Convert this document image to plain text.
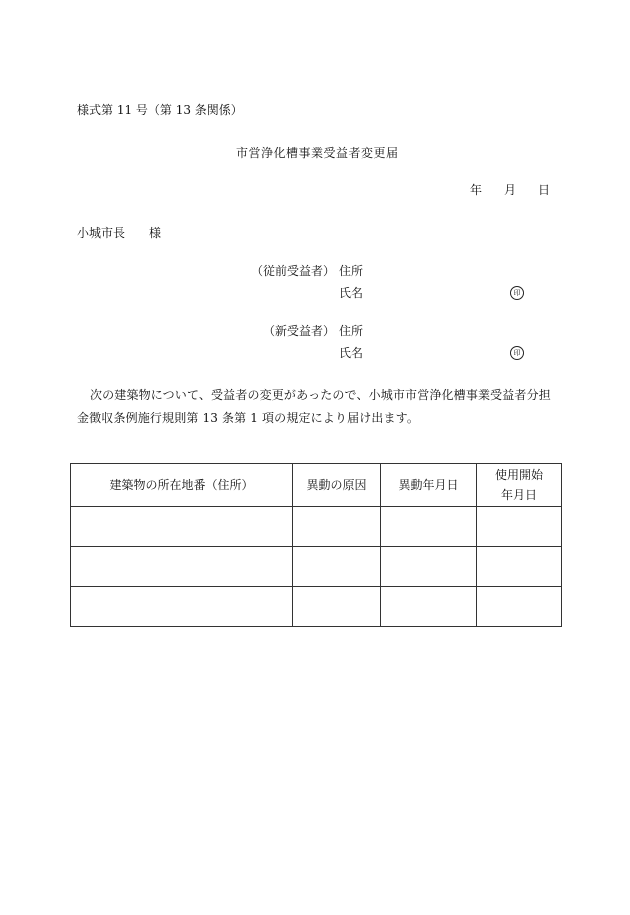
様式第 11 号（第 13 条関係）
市営浄化槽事業受益者変更届
年 月 日
小城市長 様
（従前受益者） 住所
氏名	印
（新受益者） 住所
氏名	印
次の建築物について、受益者の変更があったので、小城市市営浄化槽事業受益者分担金徴収条例施行規則第 13 条第 1 項の規定により届け出ます。
建築物の所在地番（住所）	異動の原因	異動年月日	使用開始
年月日
